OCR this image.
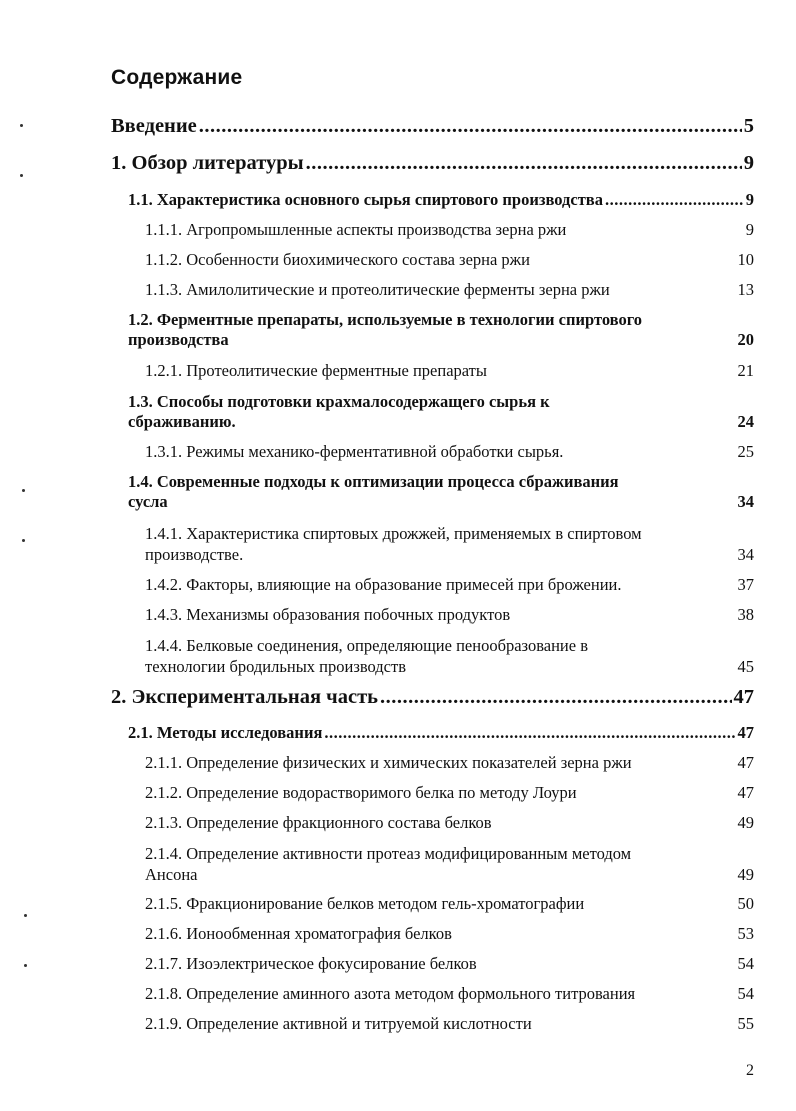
Содержание
Введение .....	5
1. Обзор литературы .....	9
1.1. Характеристика основного сырья спиртового производства .....	9
1.1.1. Агропромышленные аспекты производства зерна ржи	9
1.1.2. Особенности биохимического состава зерна ржи	10
1.1.3. Амилолитические и протеолитические ферменты зерна ржи	13
1.2. Ферментные препараты, используемые в технологии спиртового
производства	20
1.2.1. Протеолитические ферментные препараты	21
1.3. Способы подготовки крахмалосодержащего сырья к
сбраживанию.	24
1.3.1. Режимы механико-ферментативной обработки сырья.	25
1.4. Современные подходы к оптимизации процесса сбраживания
сусла	34
1.4.1. Характеристика спиртовых дрожжей, применяемых в спиртовом
производстве.	34
1.4.2. Факторы, влияющие на образование примесей при брожении.	37
1.4.3. Механизмы образования побочных продуктов	38
1.4.4. Белковые соединения, определяющие пенообразование в
технологии бродильных производств	45
2. Экспериментальная часть .....	47
2.1. Методы исследования .....	47
2.1.1. Определение физических и химических показателей зерна ржи	47
2.1.2. Определение водорастворимого белка по методу Лоури	47
2.1.3. Определение фракционного состава белков	49
2.1.4. Определение активности протеаз модифицированным методом
Ансона	49
2.1.5. Фракционирование белков методом гель-хроматографии	50
2.1.6. Ионообменная хроматография белков	53
2.1.7. Изоэлектрическое фокусирование белков	54
2.1.8. Определение аминного азота методом формольного титрования	54
2.1.9. Определение активной и титруемой кислотности	55
2
